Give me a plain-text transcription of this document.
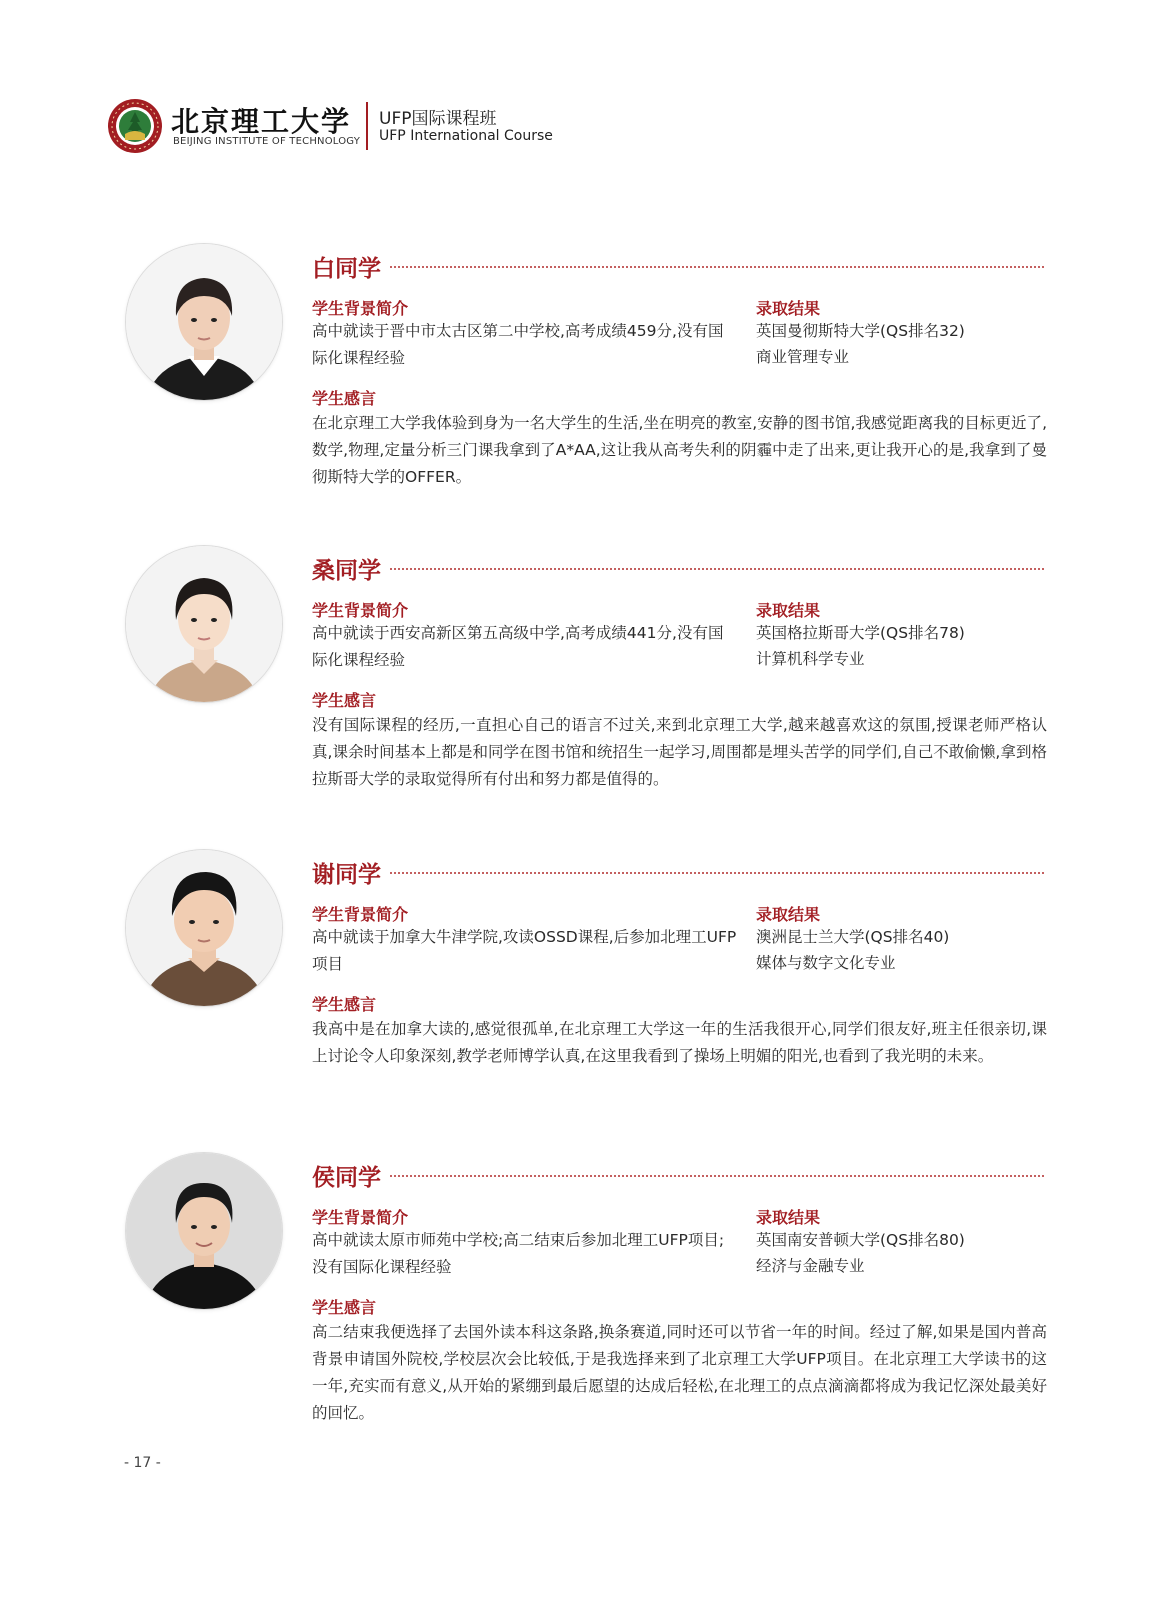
北京理工大学
BEIJING INSTITUTE OF TECHNOLOGY
UFP国际课程班
UFP International Course
白同学
学生背景简介
高中就读于晋中市太古区第二中学校,高考成绩459分,没有国际化课程经验
录取结果
英国曼彻斯特大学(QS排名32)
商业管理专业
学生感言
在北京理工大学我体验到身为一名大学生的生活,坐在明亮的教室,安静的图书馆,我感觉距离我的目标更近了,数学,物理,定量分析三门课我拿到了A*AA,这让我从高考失利的阴霾中走了出来,更让我开心的是,我拿到了曼彻斯特大学的OFFER。
桑同学
学生背景简介
高中就读于西安高新区第五高级中学,高考成绩441分,没有国际化课程经验
录取结果
英国格拉斯哥大学(QS排名78)
计算机科学专业
学生感言
没有国际课程的经历,一直担心自己的语言不过关,来到北京理工大学,越来越喜欢这的氛围,授课老师严格认真,课余时间基本上都是和同学在图书馆和统招生一起学习,周围都是埋头苦学的同学们,自己不敢偷懒,拿到格拉斯哥大学的录取觉得所有付出和努力都是值得的。
谢同学
学生背景简介
高中就读于加拿大牛津学院,攻读OSSD课程,后参加北理工UFP项目
录取结果
澳洲昆士兰大学(QS排名40)
媒体与数字文化专业
学生感言
我高中是在加拿大读的,感觉很孤单,在北京理工大学这一年的生活我很开心,同学们很友好,班主任很亲切,课上讨论令人印象深刻,教学老师博学认真,在这里我看到了操场上明媚的阳光,也看到了我光明的未来。
侯同学
学生背景简介
高中就读太原市师苑中学校;高二结束后参加北理工UFP项目;没有国际化课程经验
录取结果
英国南安普顿大学(QS排名80)
经济与金融专业
学生感言
高二结束我便选择了去国外读本科这条路,换条赛道,同时还可以节省一年的时间。经过了解,如果是国内普高背景申请国外院校,学校层次会比较低,于是我选择来到了北京理工大学UFP项目。在北京理工大学读书的这一年,充实而有意义,从开始的紧绷到最后愿望的达成后轻松,在北理工的点点滴滴都将成为我记忆深处最美好的回忆。
- 17 -
